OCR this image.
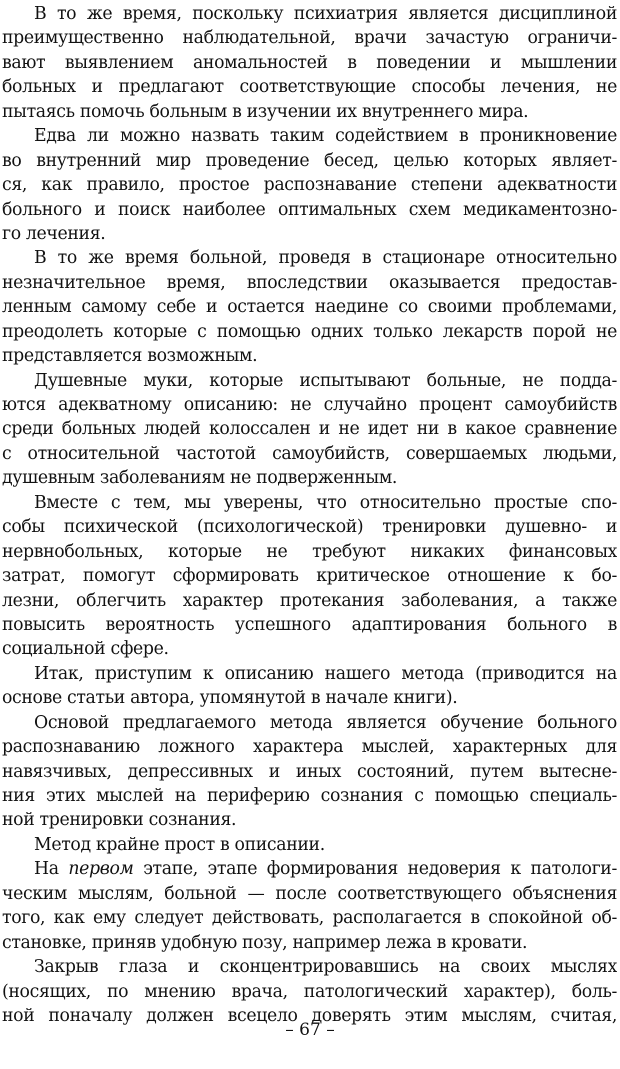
В то же время, поскольку психиатрия является дисциплиной
преимущественно наблюдательной, врачи зачастую ограничи-
вают выявлением аномальностей в поведении и мышлении
больных и предлагают соответствующие способы лечения, не
пытаясь помочь больным в изучении их внутреннего мира.
Едва ли можно назвать таким содействием в проникновение
во внутренний мир проведение бесед, целью которых являет-
ся, как правило, простое распознавание степени адекватности
больного и поиск наиболее оптимальных схем медикаментозно-
го лечения.
В то же время больной, проведя в стационаре относительно
незначительное время, впоследствии оказывается предостав-
ленным самому себе и остается наедине со своими проблемами,
преодолеть которые с помощью одних только лекарств порой не
представляется возможным.
Душевные муки, которые испытывают больные, не подда-
ются адекватному описанию: не случайно процент самоубийств
среди больных людей колоссален и не идет ни в какое сравнение
с относительной частотой самоубийств, совершаемых людьми,
душевным заболеваниям не подверженным.
Вместе с тем, мы уверены, что относительно простые спо-
собы психической (психологической) тренировки душевно- и
нервнобольных, которые не требуют никаких финансовых
затрат, помогут сформировать критическое отношение к бо-
лезни, облегчить характер протекания заболевания, а также
повысить вероятность успешного адаптирования больного в
социальной сфере.
Итак, приступим к описанию нашего метода (приводится на
основе статьи автора, упомянутой в начале книги).
Основой предлагаемого метода является обучение больного
распознаванию ложного характера мыслей, характерных для
навязчивых, депрессивных и иных состояний, путем вытесне-
ния этих мыслей на периферию сознания с помощью специаль-
ной тренировки сознания.
Метод крайне прост в описании.
На первом этапе, этапе формирования недоверия к патологи-
ческим мыслям, больной — после соответствующего объяснения
того, как ему следует действовать, располагается в спокойной об-
становке, приняв удобную позу, например лежа в кровати.
Закрыв глаза и сконцентрировавшись на своих мыслях
(носящих, по мнению врача, патологический характер), боль-
ной поначалу должен всецело доверять этим мыслям, считая,
– 67 –
